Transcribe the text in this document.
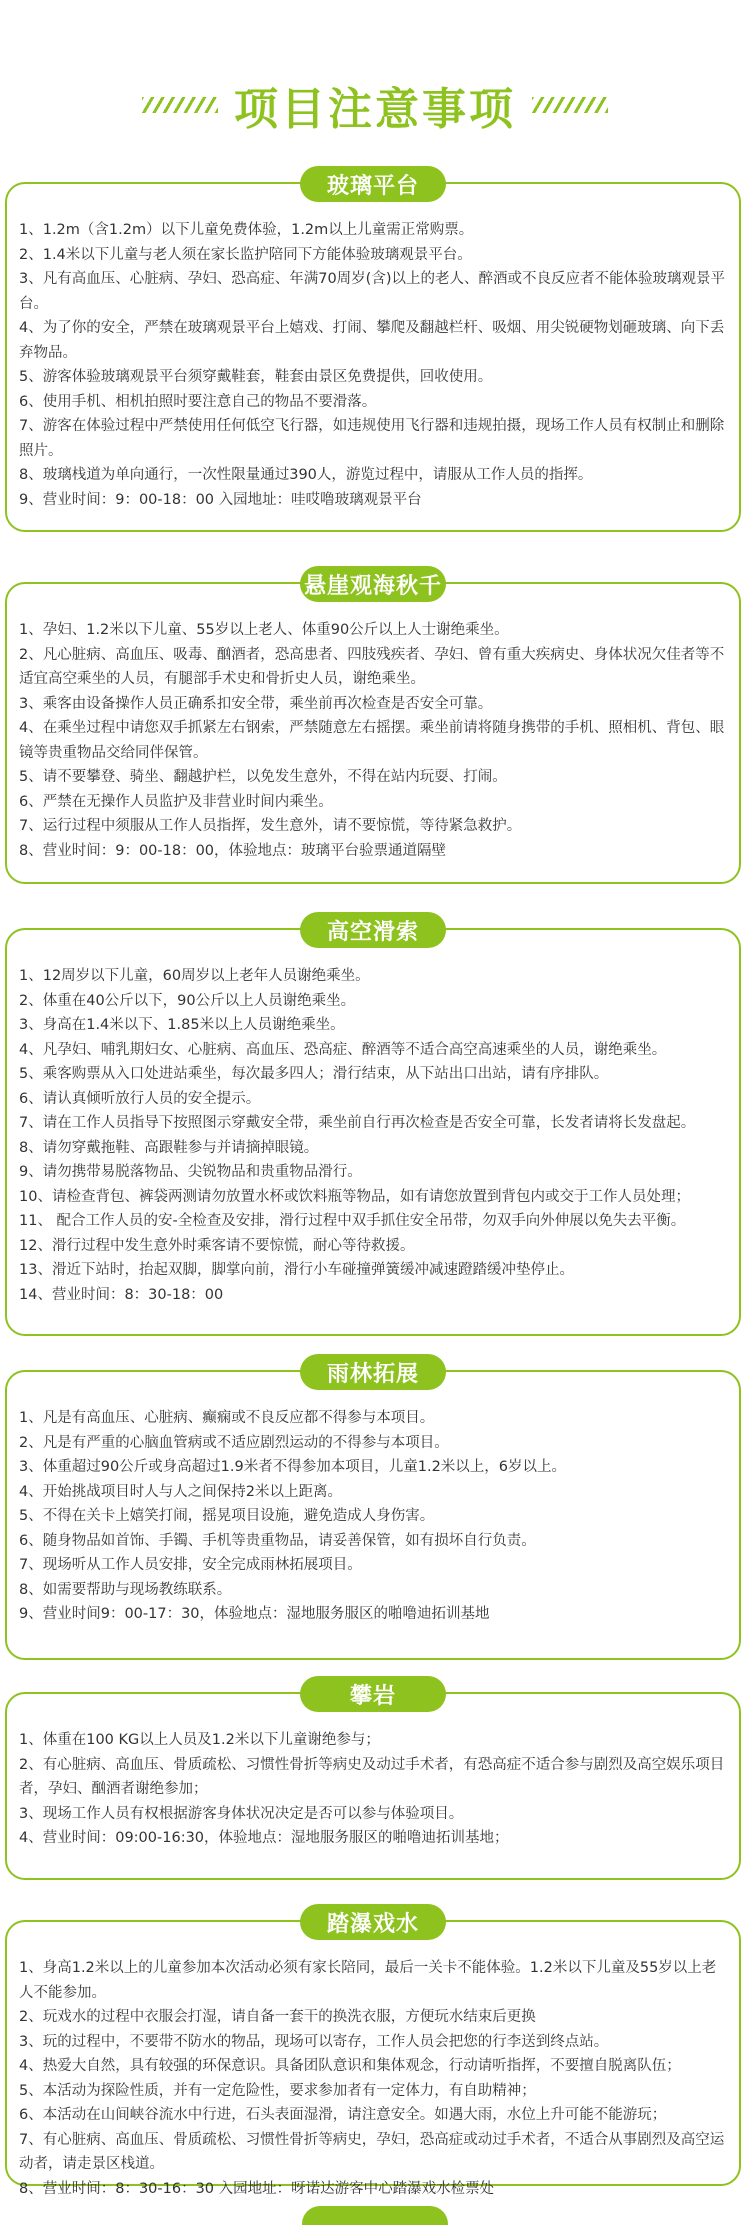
项目注意事项
玻璃平台
1、1.2m（含1.2m）以下儿童免费体验，1.2m以上儿童需正常购票。
2、1.4米以下儿童与老人须在家长监护陪同下方能体验玻璃观景平台。
3、凡有高血压、心脏病、孕妇、恐高症、年满70周岁(含)以上的老人、醉酒或不良反应者不能体验玻璃观景平台。
4、为了你的安全，严禁在玻璃观景平台上嬉戏、打闹、攀爬及翻越栏杆、吸烟、用尖锐硬物划砸玻璃、向下丢弃物品。
5、游客体验玻璃观景平台须穿戴鞋套，鞋套由景区免费提供，回收使用。
6、使用手机、相机拍照时要注意自己的物品不要滑落。
7、游客在体验过程中严禁使用任何低空飞行器，如违规使用飞行器和违规拍摄，现场工作人员有权制止和删除照片。
8、玻璃栈道为单向通行，一次性限量通过390人，游览过程中，请服从工作人员的指挥。
9、营业时间：9：00-18：00 入园地址：哇哎噜玻璃观景平台
悬崖观海秋千
1、孕妇、1.2米以下儿童、55岁以上老人、体重90公斤以上人士谢绝乘坐。
2、凡心脏病、高血压、吸毒、酗酒者，恐高患者、四肢残疾者、孕妇、曾有重大疾病史、身体状况欠佳者等不适宜高空乘坐的人员，有腿部手术史和骨折史人员，谢绝乘坐。
3、乘客由设备操作人员正确系扣安全带，乘坐前再次检查是否安全可靠。
4、在乘坐过程中请您双手抓紧左右钢索，严禁随意左右摇摆。乘坐前请将随身携带的手机、照相机、背包、眼镜等贵重物品交给同伴保管。
5、请不要攀登、骑坐、翻越护栏，以免发生意外，不得在站内玩耍、打闹。
6、严禁在无操作人员监护及非营业时间内乘坐。
7、运行过程中须服从工作人员指挥，发生意外，请不要惊慌，等待紧急救护。
8、营业时间：9：00-18：00，体验地点：玻璃平台验票通道隔壁
高空滑索
1、12周岁以下儿童，60周岁以上老年人员谢绝乘坐。
2、体重在40公斤以下，90公斤以上人员谢绝乘坐。
3、身高在1.4米以下、1.85米以上人员谢绝乘坐。
4、凡孕妇、哺乳期妇女、心脏病、高血压、恐高症、醉酒等不适合高空高速乘坐的人员，谢绝乘坐。
5、乘客购票从入口处进站乘坐，每次最多四人；滑行结束，从下站出口出站，请有序排队。
6、请认真倾听放行人员的安全提示。
7、请在工作人员指导下按照图示穿戴安全带，乘坐前自行再次检查是否安全可靠，长发者请将长发盘起。
8、请勿穿戴拖鞋、高跟鞋参与并请摘掉眼镜。
9、请勿携带易脱落物品、尖锐物品和贵重物品滑行。
10、请检查背包、裤袋两测请勿放置水杯或饮料瓶等物品，如有请您放置到背包内或交于工作人员处理；
11、 配合工作人员的安-全检查及安排，滑行过程中双手抓住安全吊带，勿双手向外伸展以免失去平衡。
12、滑行过程中发生意外时乘客请不要惊慌，耐心等待救援。
13、滑近下站时，抬起双脚，脚掌向前，滑行小车碰撞弹簧缓冲减速蹬踏缓冲垫停止。
14、营业时间：8：30-18：00
雨林拓展
1、凡是有高血压、心脏病、癫痫或不良反应都不得参与本项目。
2、凡是有严重的心脑血管病或不适应剧烈运动的不得参与本项目。
3、体重超过90公斤或身高超过1.9米者不得参加本项目，儿童1.2米以上，6岁以上。
4、开始挑战项目时人与人之间保持2米以上距离。
5、不得在关卡上嬉笑打闹，摇晃项目设施，避免造成人身伤害。
6、随身物品如首饰、手镯、手机等贵重物品，请妥善保管，如有损坏自行负责。
7、现场听从工作人员安排，安全完成雨林拓展项目。
8、如需要帮助与现场教练联系。
9、营业时间9：00-17：30，体验地点：湿地服务服区的啪噜迪拓训基地
攀岩
1、体重在100 KG以上人员及1.2米以下儿童谢绝参与；
2、有心脏病、高血压、骨质疏松、习惯性骨折等病史及动过手术者，有恐高症不适合参与剧烈及高空娱乐项目者，孕妇、酗酒者谢绝参加；
3、现场工作人员有权根据游客身体状况决定是否可以参与体验项目。
4、营业时间：09:00-16:30，体验地点：湿地服务服区的啪噜迪拓训基地；
踏瀑戏水
1、身高1.2米以上的儿童参加本次活动必须有家长陪同，最后一关卡不能体验。1.2米以下儿童及55岁以上老人不能参加。
2、玩戏水的过程中衣服会打湿，请自备一套干的换洗衣服，方便玩水结束后更换
3、玩的过程中，不要带不防水的物品，现场可以寄存，工作人员会把您的行李送到终点站。
4、热爱大自然，具有较强的环保意识。具备团队意识和集体观念，行动请听指挥，不要擅自脱离队伍；
5、本活动为探险性质，并有一定危险性，要求参加者有一定体力，有自助精神；
6、本活动在山间峡谷流水中行进，石头表面湿滑，请注意安全。如遇大雨，水位上升可能不能游玩；
7、有心脏病、高血压、骨质疏松、习惯性骨折等病史，孕妇，恐高症或动过手术者，不适合从事剧烈及高空运动者，请走景区栈道。
8、营业时间：8：30-16：30 入园地址：呀诺达游客中心踏瀑戏水检票处
